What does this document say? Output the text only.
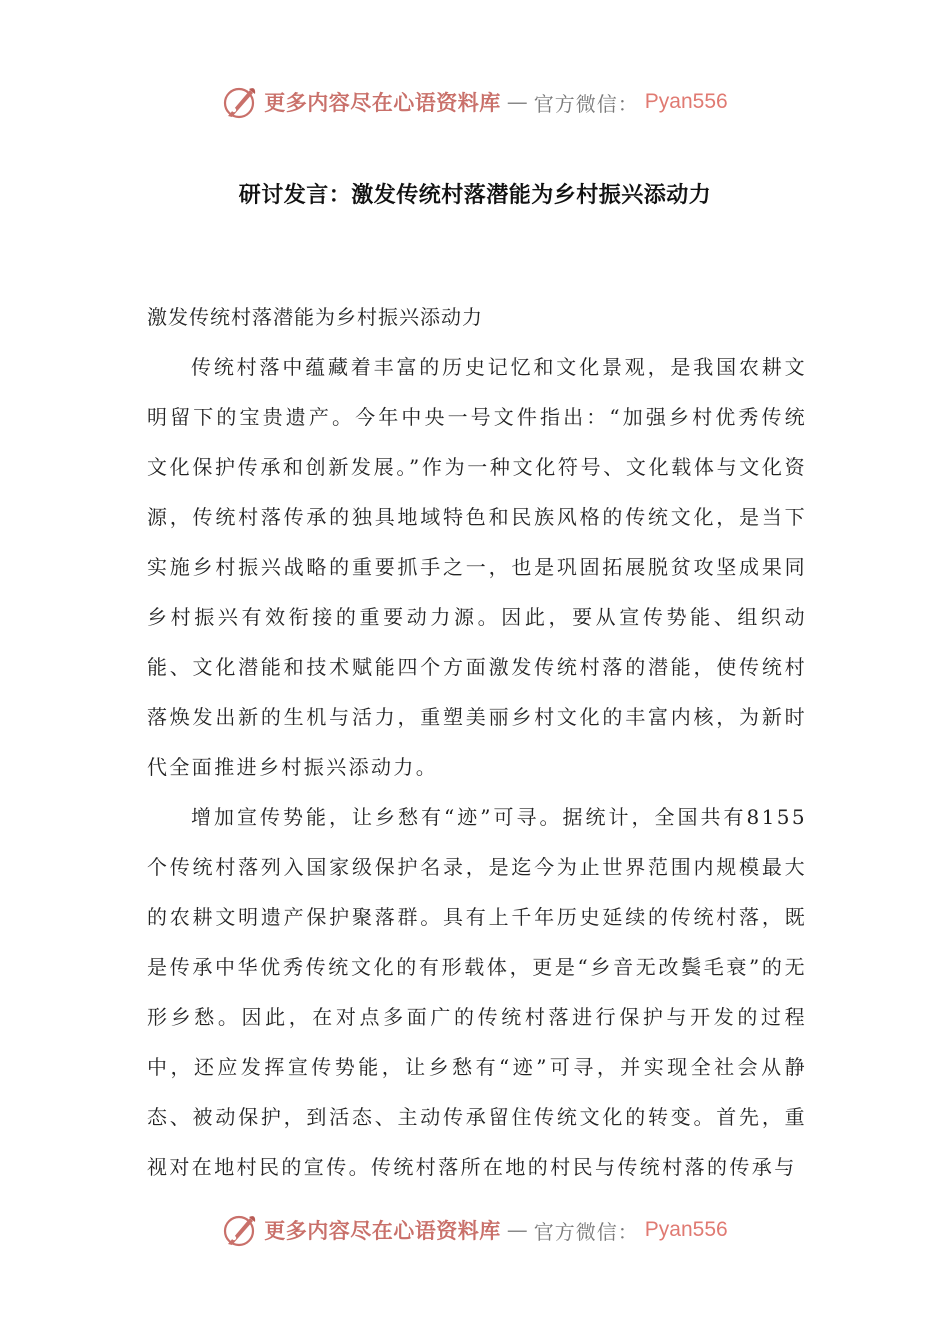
更多内容尽在心语资料库 — 官方微信： Pyan556
研讨发言：激发传统村落潜能为乡村振兴添动力

激发传统村落潜能为乡村振兴添动力

传统村落中蕴藏着丰富的历史记忆和文化景观，是我国农耕文明留下的宝贵遗产。今年中央一号文件指出：“加强乡村优秀传统文化保护传承和创新发展。”作为一种文化符号、文化载体与文化资源，传统村落传承的独具地域特色和民族风格的传统文化，是当下实施乡村振兴战略的重要抓手之一，也是巩固拓展脱贫攻坚成果同乡村振兴有效衔接的重要动力源。因此，要从宣传势能、组织动能、文化潜能和技术赋能四个方面激发传统村落的潜能，使传统村落焕发出新的生机与活力，重塑美丽乡村文化的丰富内核，为新时代全面推进乡村振兴添动力。

增加宣传势能，让乡愁有“迹”可寻。据统计，全国共有8155个传统村落列入国家级保护名录，是迄今为止世界范围内规模最大的农耕文明遗产保护聚落群。具有上千年历史延续的传统村落，既是传承中华优秀传统文化的有形载体，更是“乡音无改鬓毛衰”的无形乡愁。因此，在对点多面广的传统村落进行保护与开发的过程中，还应发挥宣传势能，让乡愁有“迹”可寻，并实现全社会从静态、被动保护，到活态、主动传承留住传统文化的转变。首先，重视对在地村民的宣传。传统村落所在地的村民与传统村落的传承与

更多内容尽在心语资料库 — 官方微信： Pyan556
